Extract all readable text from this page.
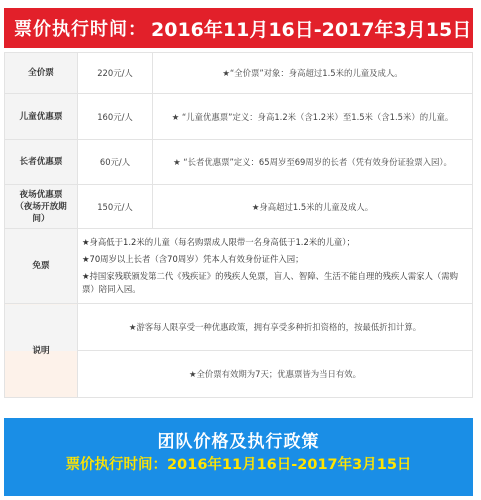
票价执行时间： 2016年11月16日-2017年3月15日
全价票	220元/人	★“全价票”对象：身高超过1.5米的儿童及成人。
儿童优惠票	160元/人	★ “儿童优惠票”定义：身高1.2米（含1.2米）至1.5米（含1.5米）的儿童。
长者优惠票	60元/人	★ “长者优惠票”定义：65周岁至69周岁的长者（凭有效身份证验票入园）。

夜场优惠票
（夜场开放期间）	150元/人	★身高超过1.5米的儿童及成人。
免票	★身高低于1.2米的儿童（每名购票成人限带一名身高低于1.2米的儿童）；

★70周岁以上长者（含70周岁）凭本人有效身份证件入园；

★持国家残联颁发第二代《残疾证》的残疾人免票，盲人、智障、生活不能自理的残疾人需家人（需购票）陪同入园。	

说明	★游客每人限享受一种优惠政策，拥有享受多种折扣资格的，按最低折扣计算。	
	★全价票有效期为7天；优惠票皆为当日有效。	
团队价格及执行政策
票价执行时间：2016年11月16日-2017年3月15日
